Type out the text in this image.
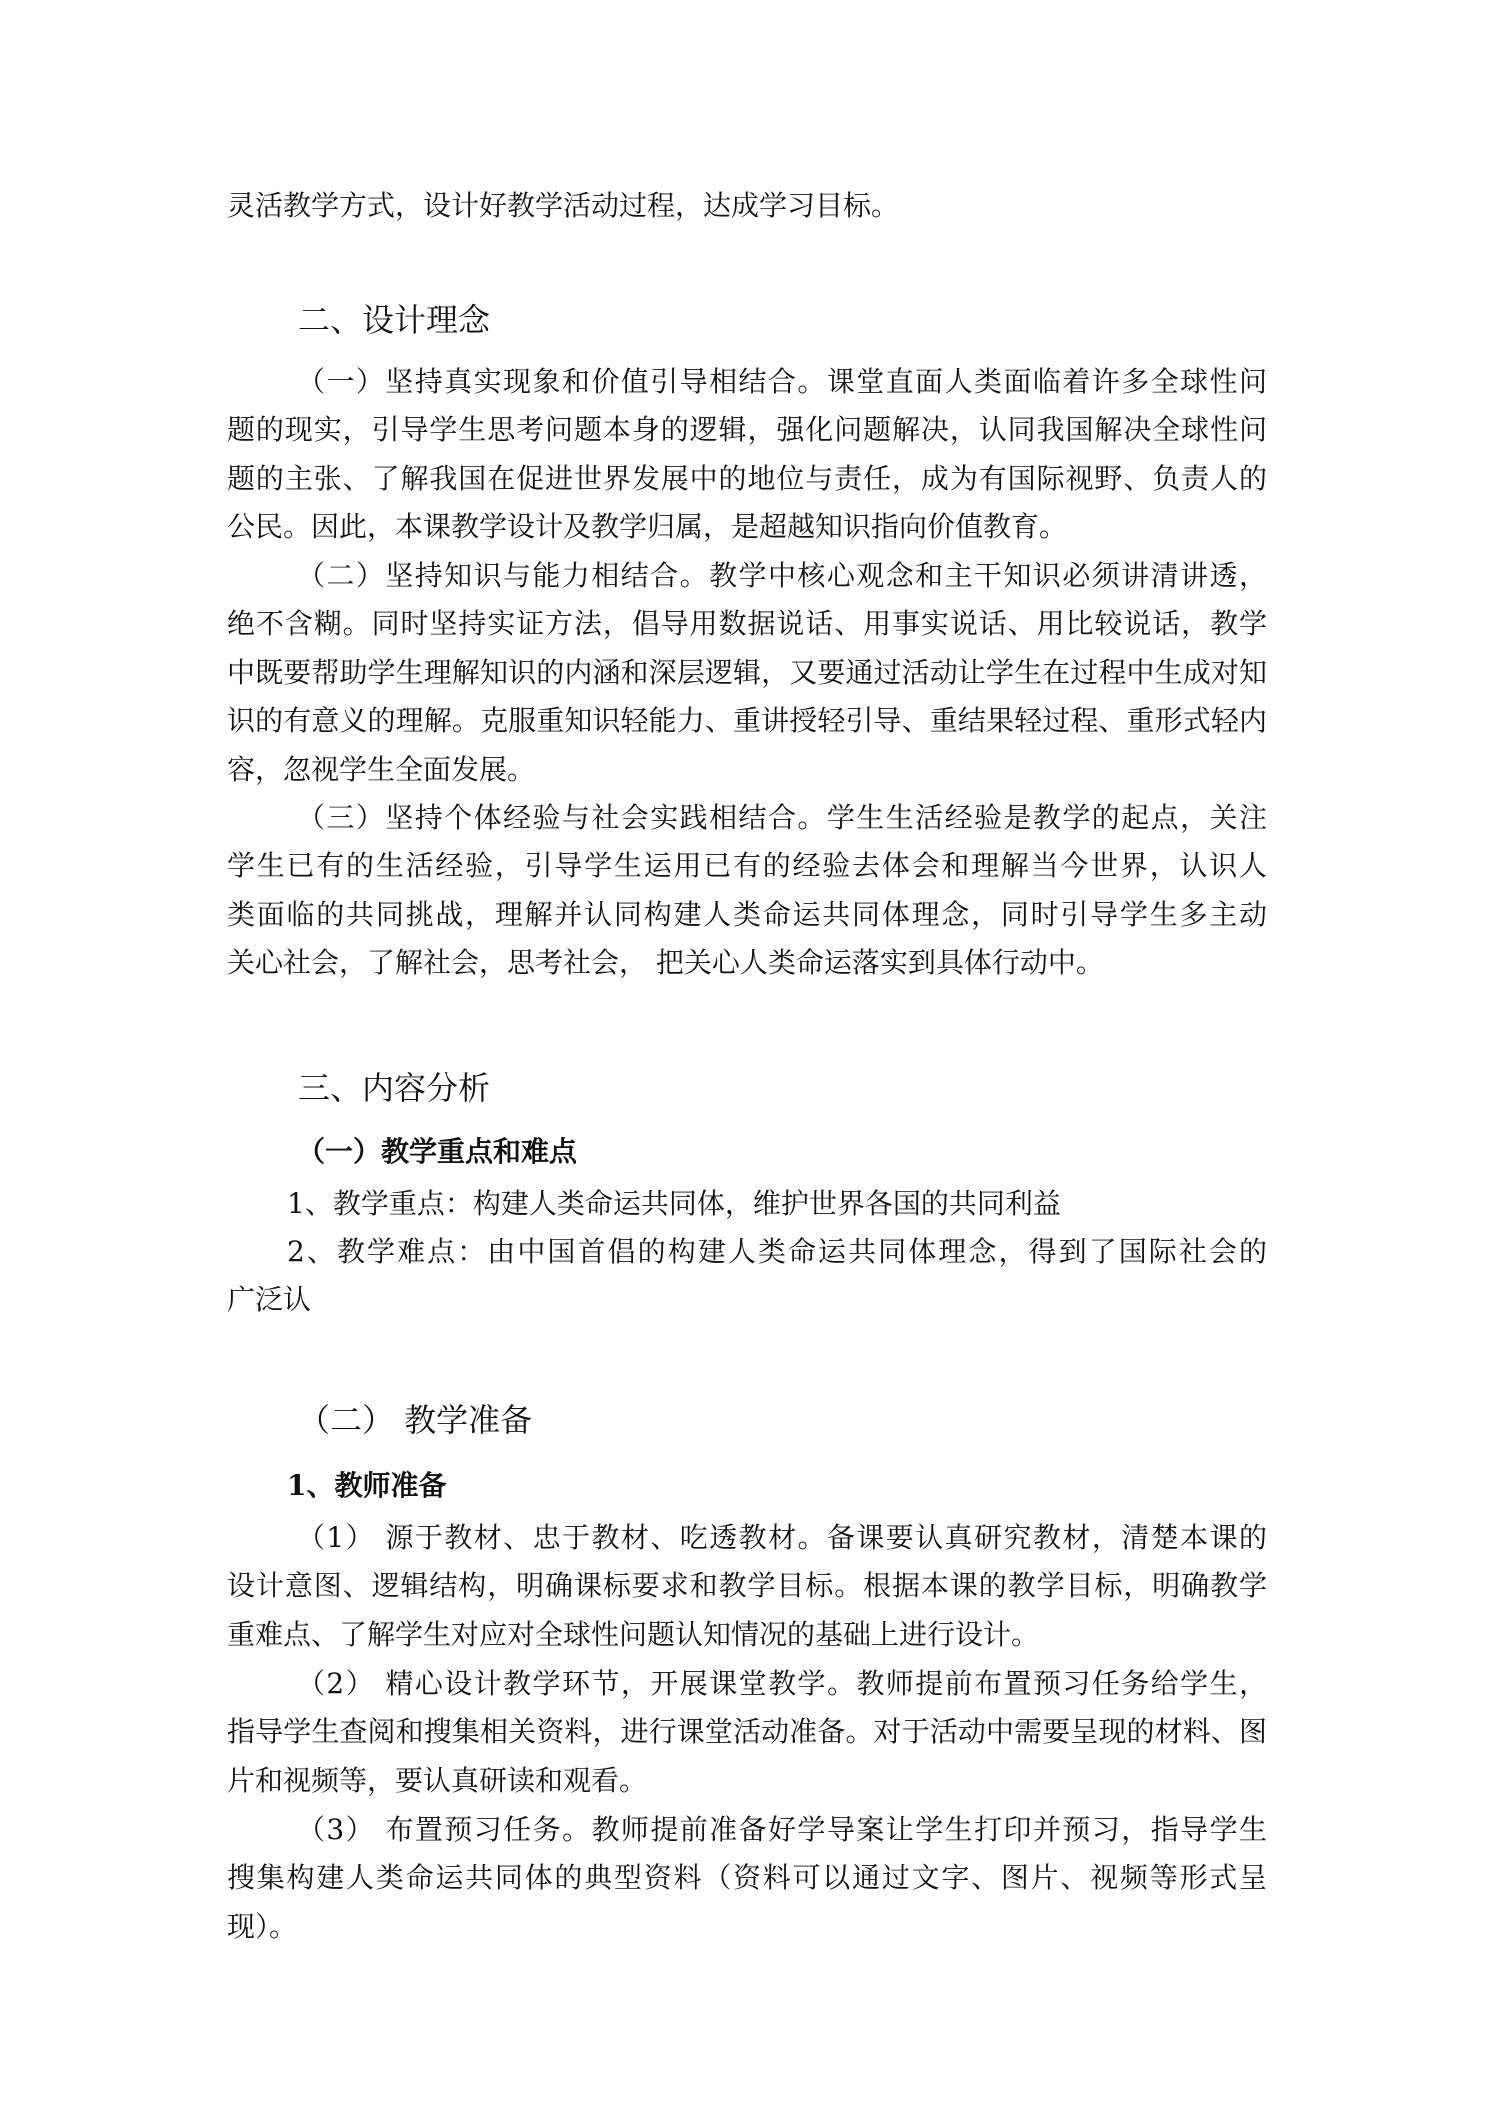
灵活教学方式，设计好教学活动过程，达成学习目标。
二、设计理念
（一）坚持真实现象和价值引导相结合。课堂直面人类面临着许多全球性问
题的现实，引导学生思考问题本身的逻辑，强化问题解决，认同我国解决全球性问
题的主张、了解我国在促进世界发展中的地位与责任，成为有国际视野、负责人的
公民。因此，本课教学设计及教学归属，是超越知识指向价值教育。
（二）坚持知识与能力相结合。教学中核心观念和主干知识必须讲清讲透，
绝不含糊。同时坚持实证方法，倡导用数据说话、用事实说话、用比较说话，教学
中既要帮助学生理解知识的内涵和深层逻辑，又要通过活动让学生在过程中生成对知
识的有意义的理解。克服重知识轻能力、重讲授轻引导、重结果轻过程、重形式轻内
容，忽视学生全面发展。
（三）坚持个体经验与社会实践相结合。学生生活经验是教学的起点，关注
学生已有的生活经验，引导学生运用已有的经验去体会和理解当今世界，认识人
类面临的共同挑战，理解并认同构建人类命运共同体理念，同时引导学生多主动
关心社会，了解社会，思考社会， 把关心人类命运落实到具体行动中。
三、内容分析
（一）教学重点和难点
1、教学重点：构建人类命运共同体，维护世界各国的共同利益
2、教学难点：由中国首倡的构建人类命运共同体理念，得到了国际社会的
广泛认
（二） 教学准备
1、教师准备
（1） 源于教材、忠于教材、吃透教材。备课要认真研究教材，清楚本课的
设计意图、逻辑结构，明确课标要求和教学目标。根据本课的教学目标，明确教学
重难点、了解学生对应对全球性问题认知情况的基础上进行设计。
（2） 精心设计教学环节，开展课堂教学。教师提前布置预习任务给学生，
指导学生查阅和搜集相关资料，进行课堂活动准备。对于活动中需要呈现的材料、图
片和视频等，要认真研读和观看。
（3） 布置预习任务。教师提前准备好学导案让学生打印并预习，指导学生
搜集构建人类命运共同体的典型资料（资料可以通过文字、图片、视频等形式呈
现）。
